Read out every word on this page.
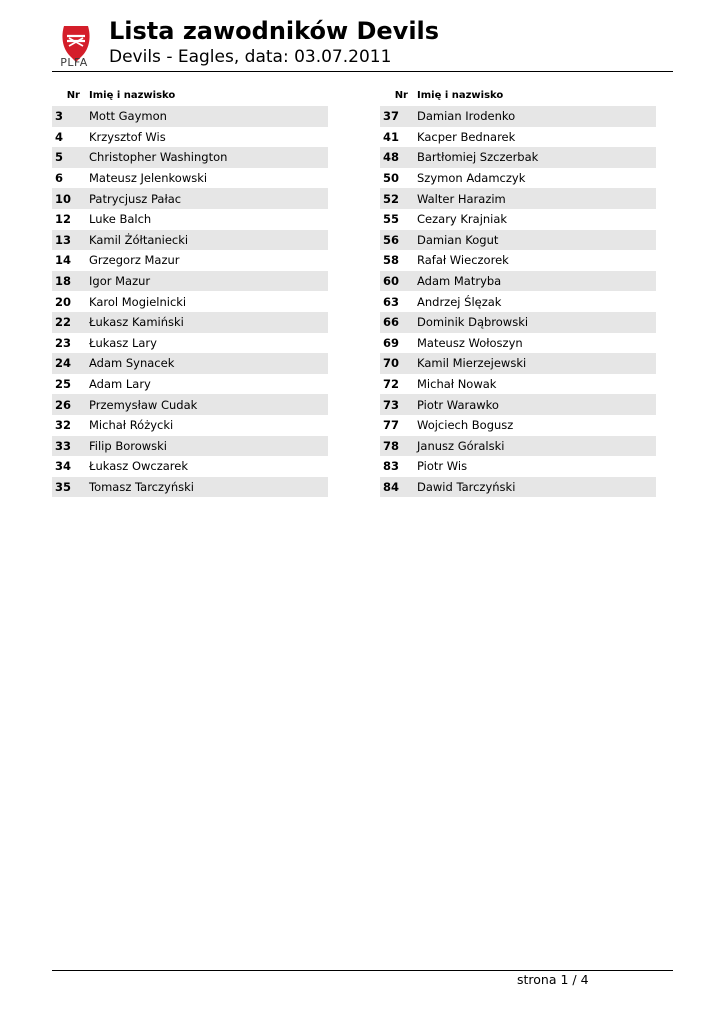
PLFA
Lista zawodników Devils
Devils - Eagles, data: 03.07.2011
Nr	Imię i nazwisko
3	Mott Gaymon
4	Krzysztof Wis
5	Christopher Washington
6	Mateusz Jelenkowski
10	Patrycjusz Pałac
12	Luke Balch
13	Kamil Żółtaniecki
14	Grzegorz Mazur
18	Igor Mazur
20	Karol Mogielnicki
22	Łukasz Kamiński
23	Łukasz Lary
24	Adam Synacek
25	Adam Lary
26	Przemysław Cudak
32	Michał Różycki
33	Filip Borowski
34	Łukasz Owczarek
35	Tomasz Tarczyński
Nr	Imię i nazwisko
37	Damian Irodenko
41	Kacper Bednarek
48	Bartłomiej Szczerbak
50	Szymon Adamczyk
52	Walter Harazim
55	Cezary Krajniak
56	Damian Kogut
58	Rafał Wieczorek
60	Adam Matryba
63	Andrzej Ślęzak
66	Dominik Dąbrowski
69	Mateusz Wołoszyn
70	Kamil Mierzejewski
72	Michał Nowak
73	Piotr Warawko
77	Wojciech Bogusz
78	Janusz Góralski
83	Piotr Wis
84	Dawid Tarczyński
strona 1 / 4
